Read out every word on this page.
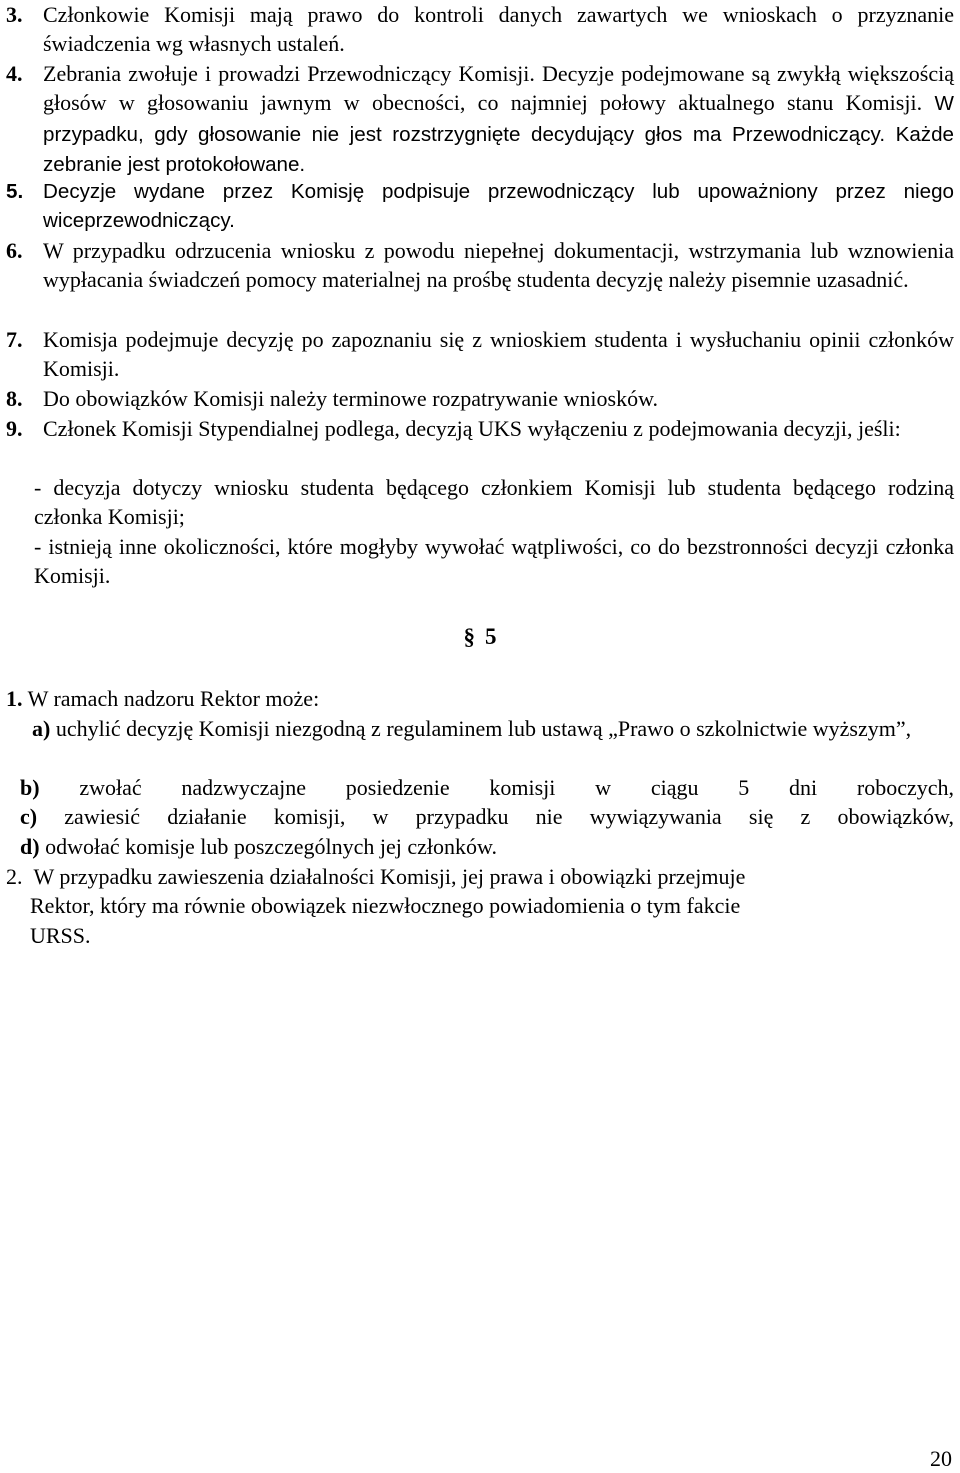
3. Członkowie Komisji mają prawo do kontroli danych zawartych we wnioskach o przyznanie świadczenia wg własnych ustaleń.
4. Zebrania zwołuje i prowadzi Przewodniczący Komisji. Decyzje podejmowane są zwykłą większością głosów w głosowaniu jawnym w obecności, co najmniej połowy aktualnego stanu Komisji. W przypadku, gdy głosowanie nie jest rozstrzygnięte decydujący głos ma Przewodniczący. Każde zebranie jest protokołowane.
5. Decyzje wydane przez Komisję podpisuje przewodniczący lub upoważniony przez niego wiceprzewodniczący.
6. W przypadku odrzucenia wniosku z powodu niepełnej dokumentacji, wstrzymania lub wznowienia wypłacania świadczeń pomocy materialnej na prośbę studenta decyzję należy pisemnie uzasadnić.
7. Komisja podejmuje decyzję po zapoznaniu się z wnioskiem studenta i wysłuchaniu opinii członków Komisji.
8. Do obowiązków Komisji należy terminowe rozpatrywanie wniosków.
9. Członek Komisji Stypendialnej podlega, decyzją UKS wyłączeniu z podejmowania decyzji, jeśli:
- decyzja dotyczy wniosku studenta będącego członkiem Komisji lub studenta będącego rodziną członka Komisji;
- istnieją inne okoliczności, które mogłyby wywołać wątpliwości, co do bezstronności decyzji członka Komisji.
§ 5
1. W ramach nadzoru Rektor może:
a) uchylić decyzję Komisji niezgodną z regulaminem lub ustawą „Prawo o szkolnictwie wyższym”,
b) zwołać nadzwyczajne posiedzenie komisji w ciągu 5 dni roboczych,
c) zawiesić działanie komisji, w przypadku nie wywiązywania się z obowiązków,
d) odwołać komisje lub poszczególnych jej członków.
2. W przypadku zawieszenia działalności Komisji, jej prawa i obowiązki przejmuje
Rektor, który ma równie obowiązek niezwłocznego powiadomienia o tym fakcie
URSS.
20
